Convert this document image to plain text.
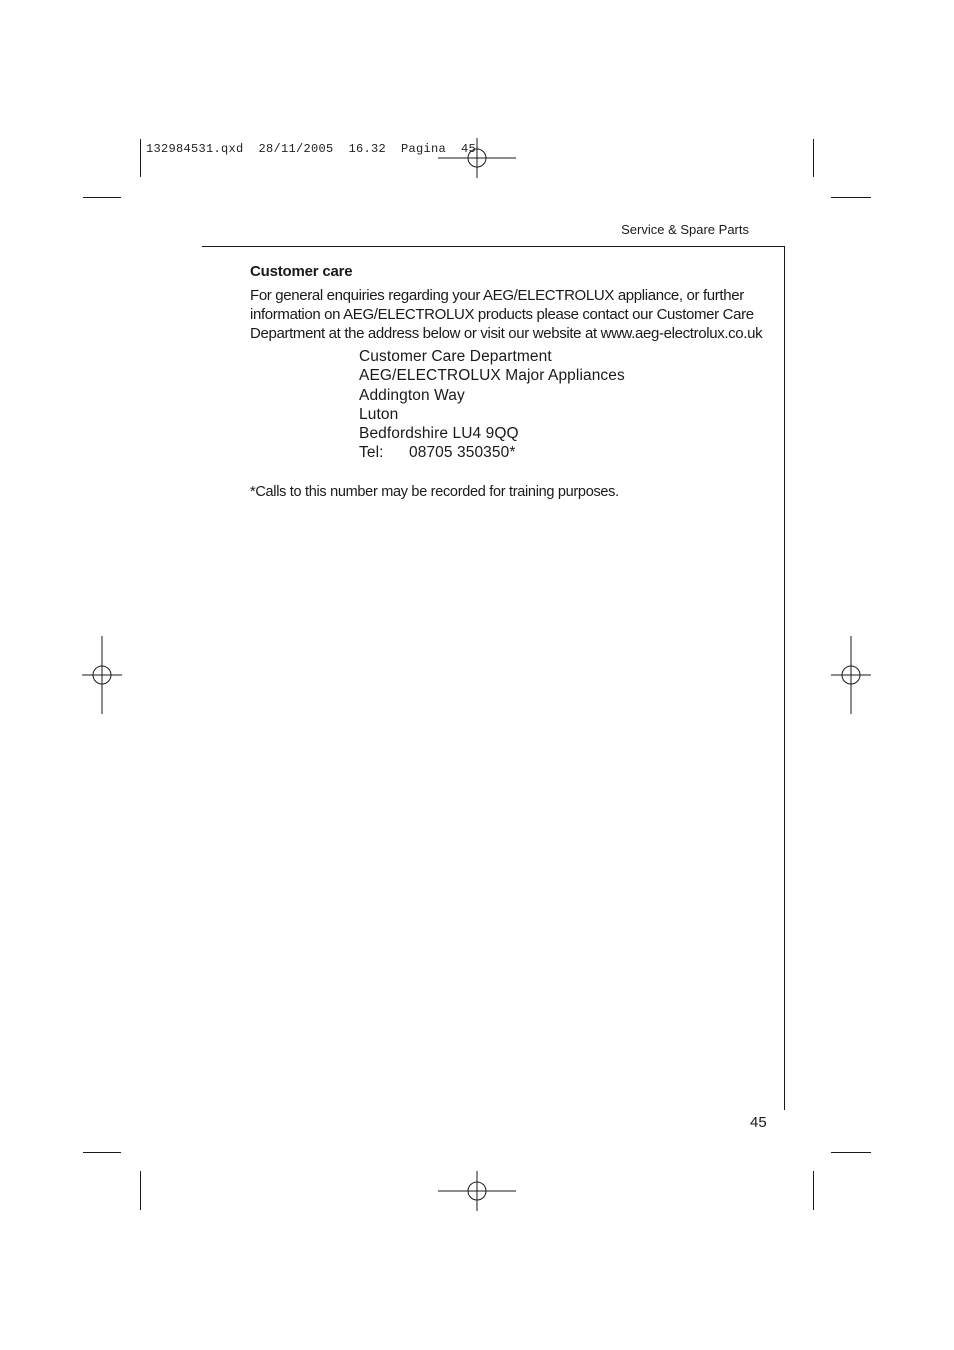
132984531.qxd  28/11/2005  16.32  Pagina  45
Service & Spare Parts
Customer care

For general enquiries regarding your AEG/ELECTROLUX appliance, or further

information on AEG/ELECTROLUX products please contact our Customer Care

Department at the address below or visit our website at www.aeg-electrolux.co.uk

Customer Care Department
AEG/ELECTROLUX Major Appliances
Addington Way
Luton
Bedfordshire LU4 9QQ
Tel: 08705 350350*
*Calls to this number may be recorded for training purposes.
45
